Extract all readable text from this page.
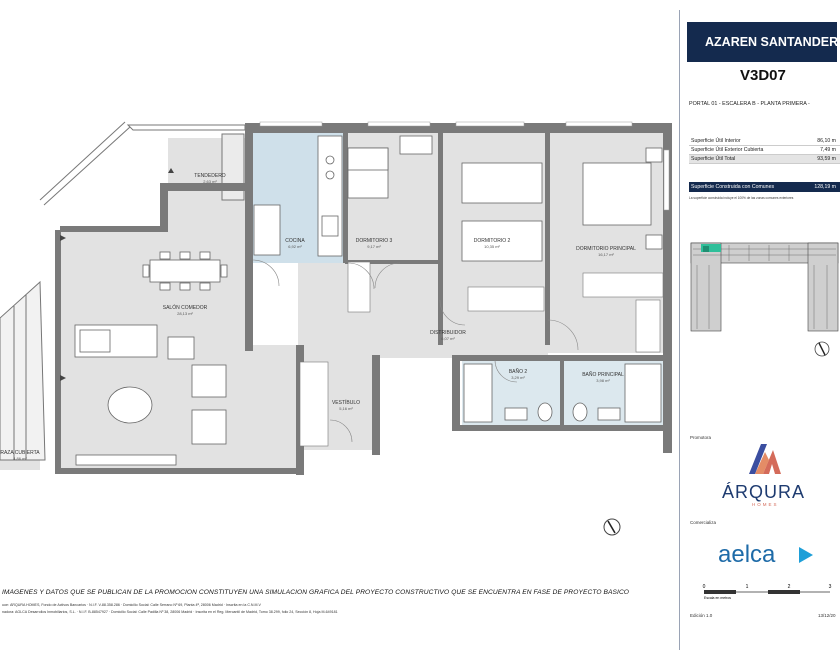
TENDEDERO
2,63 m²
COCINA
6,92 m²
DORMITORIO 3
9,17 m²
DORMITORIO 2
10,35 m²	DORMITORIO PRINCIPAL
16,17 m²
SALÓN COMEDOR
28,13 m²
DISTRIBUIDOR
6,07 m²
BAÑO 2
3,29 m²	BAÑO PRINCIPAL
3,98 m²
VESTÍBULO
5,16 m²
RAZA CUBIERTA
4,86 m²
IMÁGENES Y DATOS QUE SE PUBLICAN DE LA PROMOCIÓN CONSTITUYEN UNA SIMULACIÓN GRÁFICA DEL PROYECTO CONSTRUCTIVO QUE SE ENCUENTRA EN FASE DE PROYECTO BÁSICO
uoe: ÁRQURA HOMES, Fondo de Activos Bancarios · N.I.F. V-88.358.286 · Domicilio Social: Calle Serrano Nº 69, Planta 4ª, 28006 Madrid · Inscrita en la C.N.M.V
nadora: AGLCA Desarrollos Inmobiliarios, S.L. · N.I.F. B-88547927 · Domicilio Social: Calle Padilla Nº 38, 28006 Madrid · Inscrita en el Reg. Mercantil de Madrid, Tomo 38.299, folio 24, Sección 8, Hoja M-649181
AZAREN SANTANDER
V3D07
PORTAL 01 - ESCALERA B - PLANTA PRIMERA -
Superficie Útil Interior	86,10 m
Superficie Útil Exterior Cubierta	7,49 m
Superficie Útil Total	93,59 m
Superficie Construida con Comunes	128,19 m
La superficie construida incluye el 100% de las zonas comunes exteriores
Promotora
ÁRQURA
HOMES
Comercializa
aelca
0	1	2	3
Escala en metros
Edición 1.0	13/12/20
